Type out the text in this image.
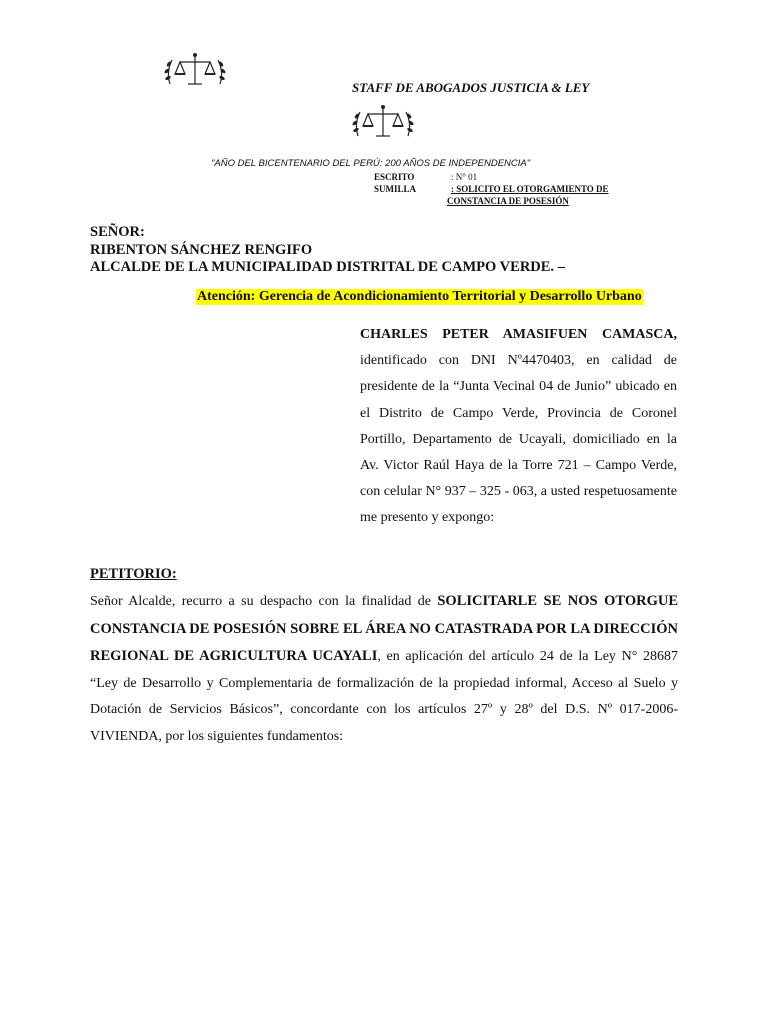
STAFF DE ABOGADOS JUSTICIA & LEY
"AÑO DEL BICENTENARIO DEL PERÚ: 200 AÑOS DE INDEPENDENCIA"
ESCRITO	: N° 01
SUMILLA	: SOLICITO EL OTORGAMIENTO DE
CONSTANCIA DE POSESIÓN
SEÑOR:
RIBENTON SÁNCHEZ RENGIFO
ALCALDE DE LA MUNICIPALIDAD DISTRITAL DE CAMPO VERDE. –
Atención: Gerencia de Acondicionamiento Territorial y Desarrollo Urbano
CHARLES PETER AMASIFUEN CAMASCA,
identificado con DNI Nº4470403, en calidad de presidente de la “Junta Vecinal 04 de Junio” ubicado en el Distrito de Campo Verde, Provincia de Coronel Portillo, Departamento de Ucayali, domiciliado en la Av. Victor Raúl Haya de la Torre 721 – Campo Verde, con celular N° 937 – 325 - 063, a usted respetuosamente me presento y expongo:
PETITORIO:
Señor Alcalde, recurro a su despacho con la finalidad de SOLICITARLE SE NOS OTORGUE CONSTANCIA DE POSESIÓN SOBRE EL ÁREA NO CATASTRADA POR LA DIRECCIÓN REGIONAL DE AGRICULTURA UCAYALI, en aplicación del artículo 24 de la Ley N° 28687 “Ley de Desarrollo y Complementaria de formalización de la propiedad informal, Acceso al Suelo y Dotación de Servicios Básicos”, concordante con los artículos 27º y 28º del D.S. Nº 017-2006-VIVIENDA, por los siguientes fundamentos:
